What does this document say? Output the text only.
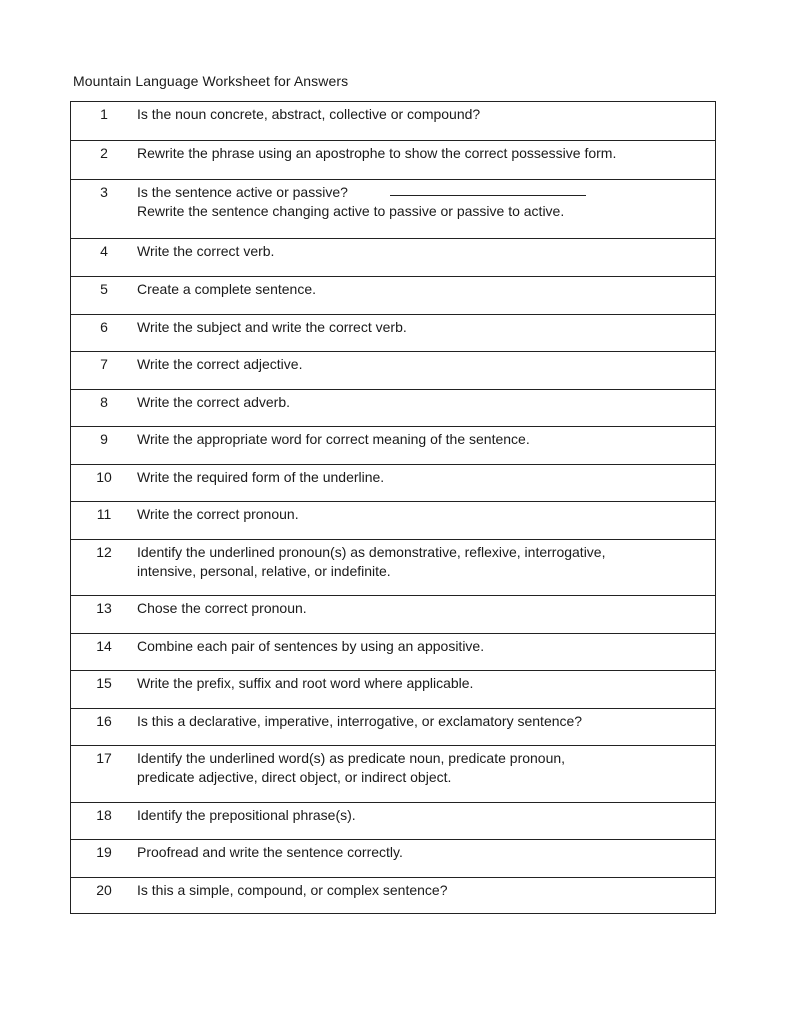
Mountain Language Worksheet for Answers
1	Is the noun concrete, abstract, collective or compound?
2	Rewrite the phrase using an apostrophe to show the correct possessive form.
3	Is the sentence active or passive?
Rewrite the sentence changing active to passive or passive to active.
4	Write the correct verb.
5	Create a complete sentence.
6	Write the subject and write the correct verb.
7	Write the correct adjective.
8	Write the correct adverb.
9	Write the appropriate word for correct meaning of the sentence.
10	Write the required form of the underline.
11	Write the correct pronoun.
12	Identify the underlined pronoun(s) as demonstrative, reflexive, interrogative,
intensive, personal, relative, or indefinite.
13	Chose the correct pronoun.
14	Combine each pair of sentences by using an appositive.
15	Write the prefix, suffix and root word where applicable.
16	Is this a declarative, imperative, interrogative, or exclamatory sentence?
17	Identify the underlined word(s) as predicate noun, predicate pronoun,
predicate adjective, direct object, or indirect object.
18	Identify the prepositional phrase(s).
19	Proofread and write the sentence correctly.
20	Is this a simple, compound, or complex sentence?
